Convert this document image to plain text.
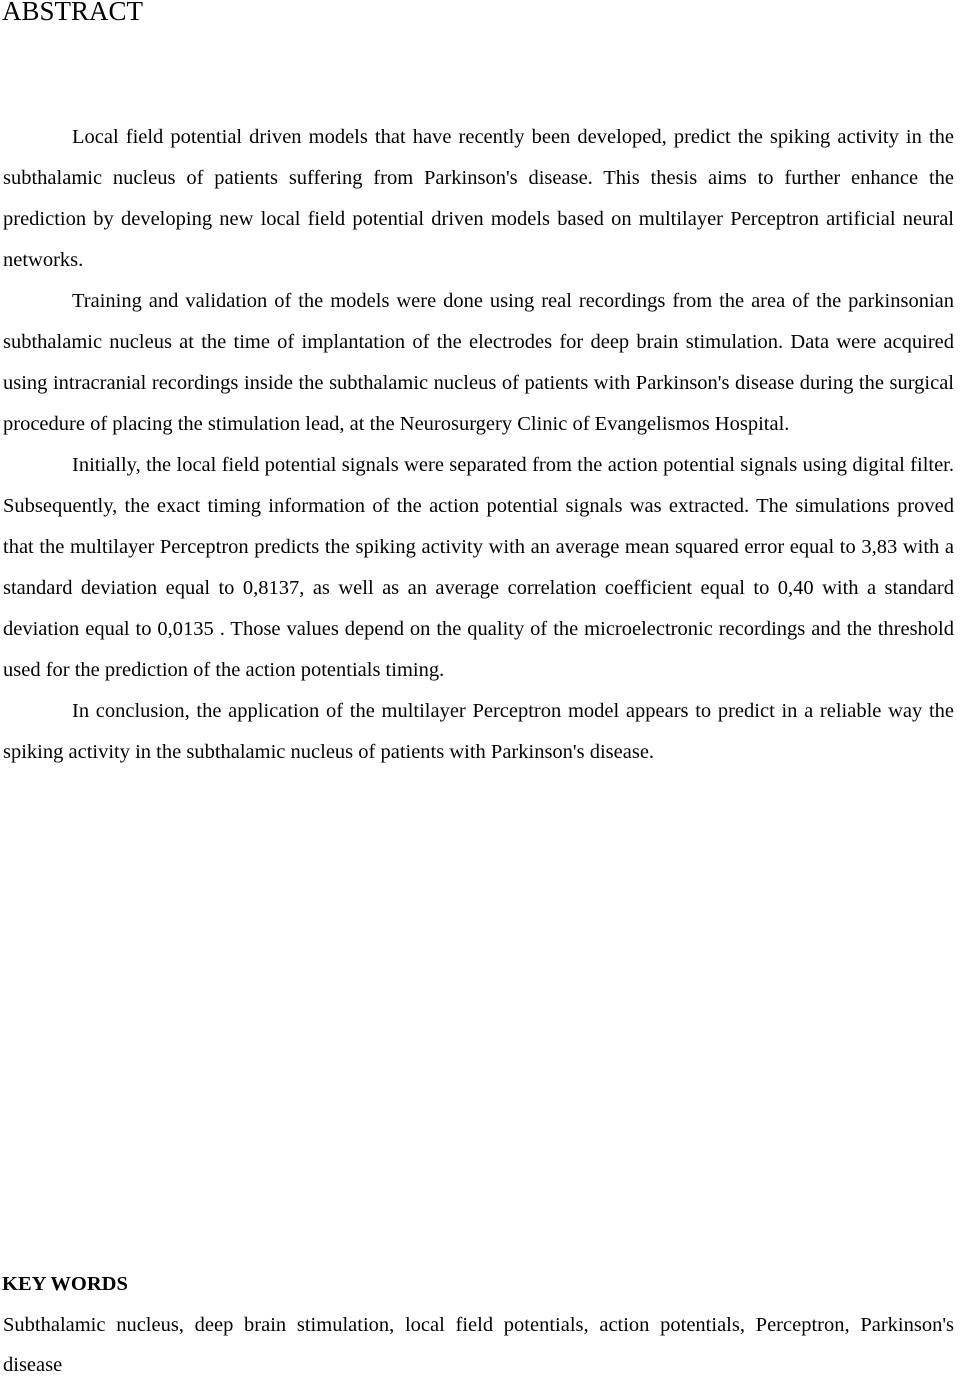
ABSTRACT

Local field potential driven models that have recently been developed, predict the spiking activity in the subthalamic nucleus of patients suffering from Parkinson's disease. This thesis aims to further enhance the prediction by developing new local field potential driven models based on multilayer Perceptron artificial neural networks.

Training and validation of the models were done using real recordings from the area of the parkinsonian subthalamic nucleus at the time of implantation of the electrodes for deep brain stimulation. Data were acquired using intracranial recordings inside the subthalamic nucleus of patients with Parkinson's disease during the surgical procedure of placing the stimulation lead, at the Neurosurgery Clinic of Evangelismos Hospital.

Initially, the local field potential signals were separated from the action potential signals using digital filter. Subsequently, the exact timing information of the action potential signals was extracted. The simulations proved that the multilayer Perceptron predicts the spiking activity with an average mean squared error equal to 3,83 with a standard deviation equal to 0,8137, as well as an average correlation coefficient equal to 0,40 with a standard deviation equal to 0,0135 . Those values depend on the quality of the microelectronic recordings and the threshold used for the prediction of the action potentials timing.

In conclusion, the application of the multilayer Perceptron model appears to predict in a reliable way the spiking activity in the subthalamic nucleus of patients with Parkinson's disease.

KEY WORDS

Subthalamic nucleus, deep brain stimulation, local field potentials, action potentials, Perceptron, Parkinson's disease
